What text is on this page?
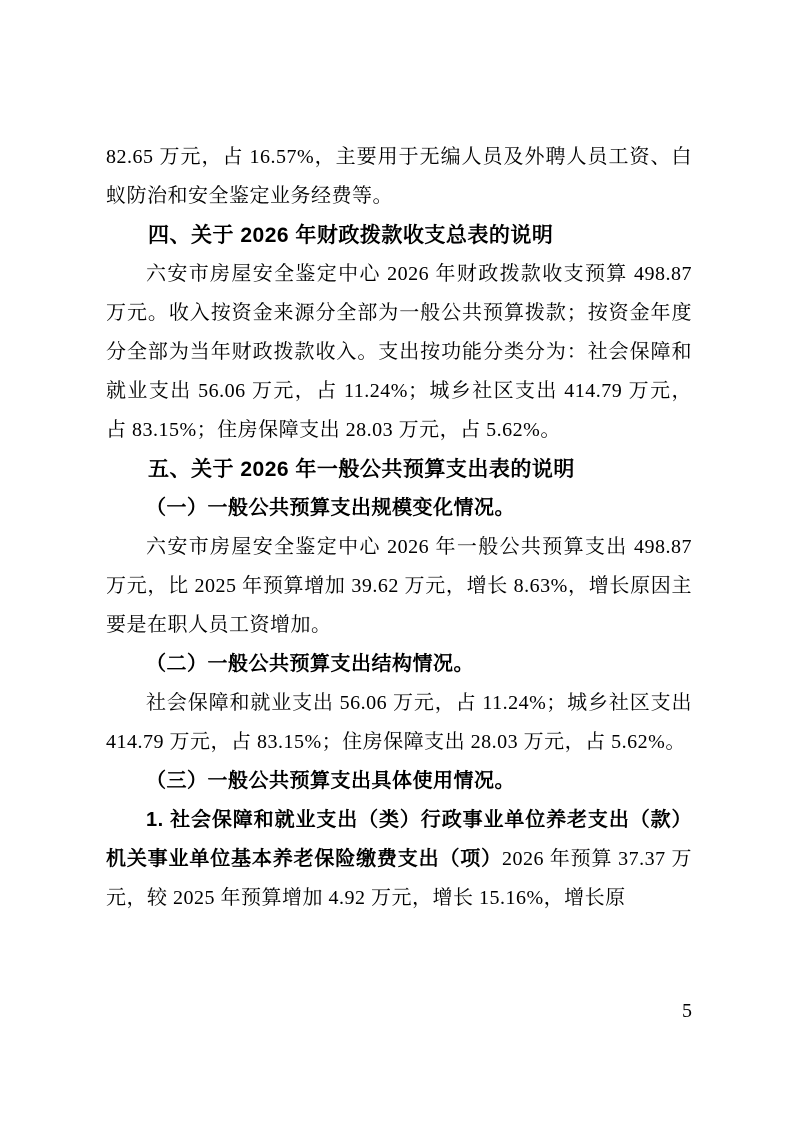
82.65 万元，占 16.57%，主要用于无编人员及外聘人员工资、白蚁防治和安全鉴定业务经费等。

四、关于 2026 年财政拨款收支总表的说明

六安市房屋安全鉴定中心 2026 年财政拨款收支预算 498.87 万元。收入按资金来源分全部为一般公共预算拨款；按资金年度分全部为当年财政拨款收入。支出按功能分类分为：社会保障和就业支出 56.06 万元，占 11.24%；城乡社区支出 414.79 万元，占 83.15%；住房保障支出 28.03 万元，占 5.62%。

五、关于 2026 年一般公共预算支出表的说明

（一）一般公共预算支出规模变化情况。

六安市房屋安全鉴定中心 2026 年一般公共预算支出 498.87 万元，比 2025 年预算增加 39.62 万元，增长 8.63%，增长原因主要是在职人员工资增加。

（二）一般公共预算支出结构情况。

社会保障和就业支出 56.06 万元，占 11.24%；城乡社区支出 414.79 万元，占 83.15%；住房保障支出 28.03 万元，占 5.62%。

（三）一般公共预算支出具体使用情况。

1. 社会保障和就业支出（类）行政事业单位养老支出（款）机关事业单位基本养老保险缴费支出（项）2026 年预算 37.37 万元，较 2025 年预算增加 4.92 万元，增长 15.16%，增长原

5
